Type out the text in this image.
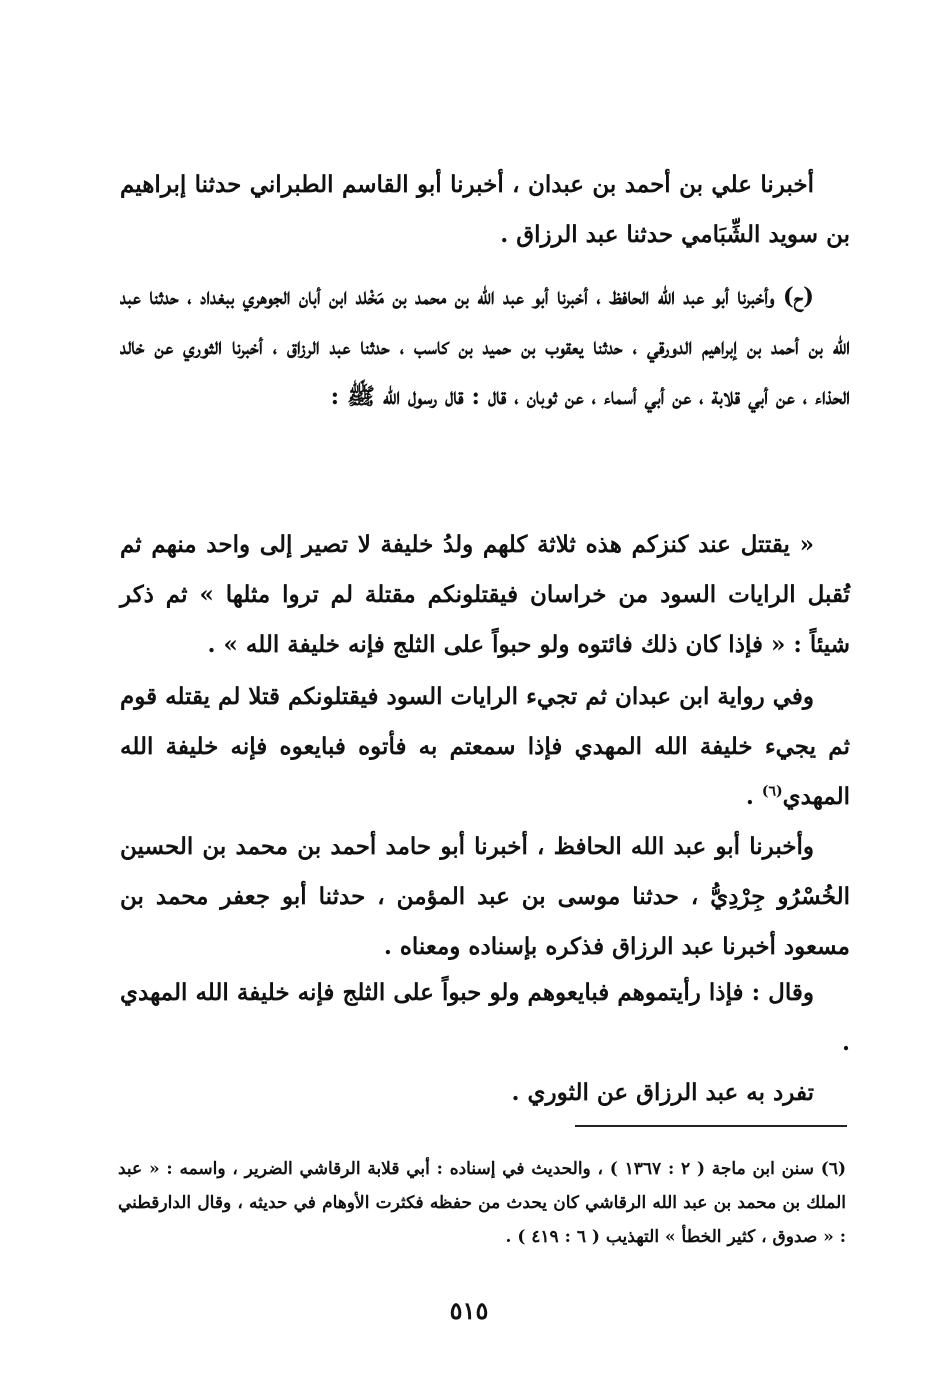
أخبرنا علي بن أحمد بن عبدان ، أخبرنا أبو القاسم الطبراني حدثنا إبراهيم بن سويد الشِّبَامي حدثنا عبد الرزاق .

(ح) وأخبرنا أبو عبد الله الحافظ ، أخبرنا أبو عبد الله بن محمد بن مَخْلد ابن أبان الجوهري ببغداد ، حدثنا عبد الله بن أحمد بن إبراهيم الدورقي ، حدثنا يعقوب بن حميد بن كاسب ، حدثنا عبد الرزاق ، أخبرنا الثوري عن خالد الحذاء ، عن أبي قلابة ، عن أبي أسماء ، عن ثوبان ، قال : قال رسول الله ﷺ :

« يقتتل عند كنزكم هذه ثلاثة كلهم ولدُ خليفة لا تصير إلى واحد منهم ثم تُقبل الرايات السود من خراسان فيقتلونكم مقتلة لم تروا مثلها » ثم ذكر شيئاً : « فإذا كان ذلك فائتوه ولو حبواً على الثلج فإنه خليفة الله » .

وفي رواية ابن عبدان ثم تجيء الرايات السود فيقتلونكم قتلا لم يقتله قوم ثم يجيء خليفة الله المهدي فإذا سمعتم به فأتوه فبايعوه فإنه خليفة الله المهدي$^{(٦)}$ .

وأخبرنا أبو عبد الله الحافظ ، أخبرنا أبو حامد أحمد بن محمد بن الحسين الخُسْرُو جِرْدِيُّ ، حدثنا موسى بن عبد المؤمن ، حدثنا أبو جعفر محمد بن مسعود أخبرنا عبد الرزاق فذكره بإسناده ومعناه .

وقال : فإذا رأيتموهم فبايعوهم ولو حبواً على الثلج فإنه خليفة الله المهدي .

تفرد به عبد الرزاق عن الثوري .

(٦) سنن ابن ماجة ( ٢ : ١٣٦٧ ) ، والحديث في إسناده : أبي قلابة الرقاشي الضرير ، واسمه : « عبد الملك بن محمد بن عبد الله الرقاشي كان يحدث من حفظه فكثرت الأوهام في حديثه ، وقال الدارقطني : « صدوق ، كثير الخطأ » التهذيب ( ٦ : ٤١٩ ) .

٥١٥
